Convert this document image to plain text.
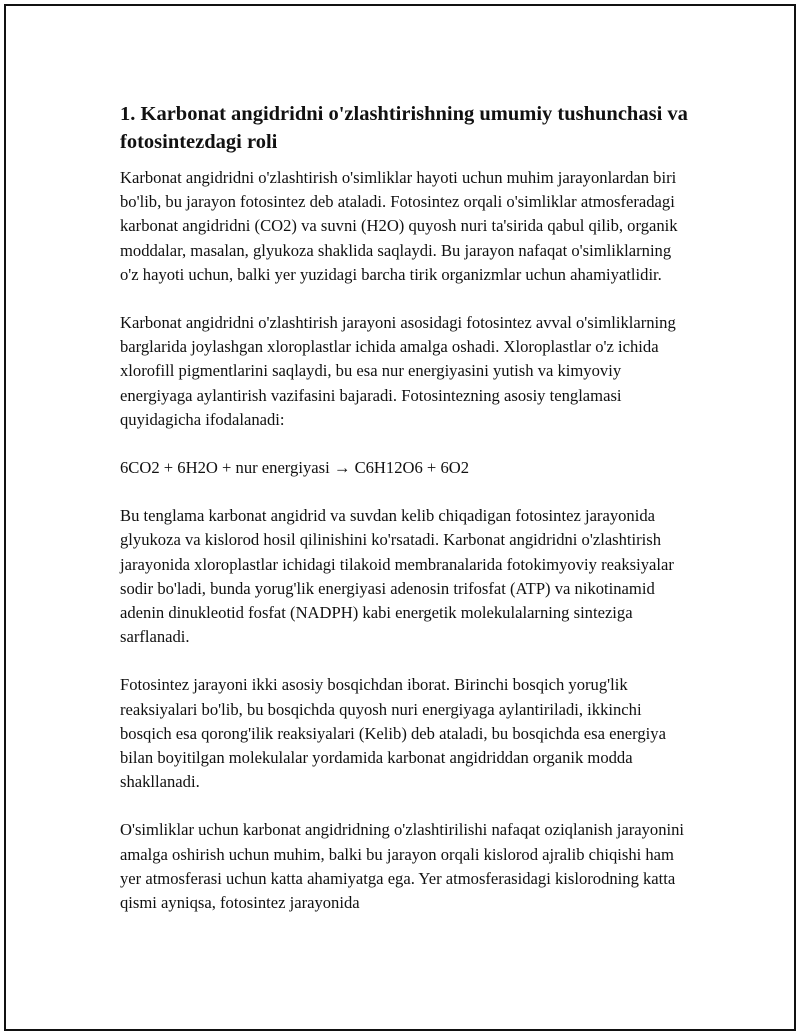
1. Karbonat angidridni o'zlashtirishning umumiy tushunchasi va fotosintezdagi roli

Karbonat angidridni o'zlashtirish o'simliklar hayoti uchun muhim jarayonlardan biri bo'lib, bu jarayon fotosintez deb ataladi. Fotosintez orqali o'simliklar atmosferadagi karbonat angidridni (CO2) va suvni (H2O) quyosh nuri ta'sirida qabul qilib, organik moddalar, masalan, glyukoza shaklida saqlaydi. Bu jarayon nafaqat o'simliklarning o'z hayoti uchun, balki yer yuzidagi barcha tirik organizmlar uchun ahamiyatlidir.

Karbonat angidridni o'zlashtirish jarayoni asosidagi fotosintez avval o'simliklarning barglarida joylashgan xloroplastlar ichida amalga oshadi. Xloroplastlar o'z ichida xlorofill pigmentlarini saqlaydi, bu esa nur energiyasini yutish va kimyoviy energiyaga aylantirish vazifasini bajaradi. Fotosintezning asosiy tenglamasi quyidagicha ifodalanadi:

6CO2 + 6H2O + nur energiyasi → C6H12O6 + 6O2

Bu tenglama karbonat angidrid va suvdan kelib chiqadigan fotosintez jarayonida glyukoza va kislorod hosil qilinishini ko'rsatadi. Karbonat angidridni o'zlashtirish jarayonida xloroplastlar ichidagi tilakoid membranalarida fotokimyoviy reaksiyalar sodir bo'ladi, bunda yorug'lik energiyasi adenosin trifosfat (ATP) va nikotinamid adenin dinukleotid fosfat (NADPH) kabi energetik molekulalarning sinteziga sarflanadi.

Fotosintez jarayoni ikki asosiy bosqichdan iborat. Birinchi bosqich yorug'lik reaksiyalari bo'lib, bu bosqichda quyosh nuri energiyaga aylantiriladi, ikkinchi bosqich esa qorong'ilik reaksiyalari (Kelib) deb ataladi, bu bosqichda esa energiya bilan boyitilgan molekulalar yordamida karbonat angidriddan organik modda shakllanadi.

O'simliklar uchun karbonat angidridning o'zlashtirilishi nafaqat oziqlanish jarayonini amalga oshirish uchun muhim, balki bu jarayon orqali kislorod ajralib chiqishi ham yer atmosferasi uchun katta ahamiyatga ega. Yer atmosferasidagi kislorodning katta qismi ayniqsa, fotosintez jarayonida
